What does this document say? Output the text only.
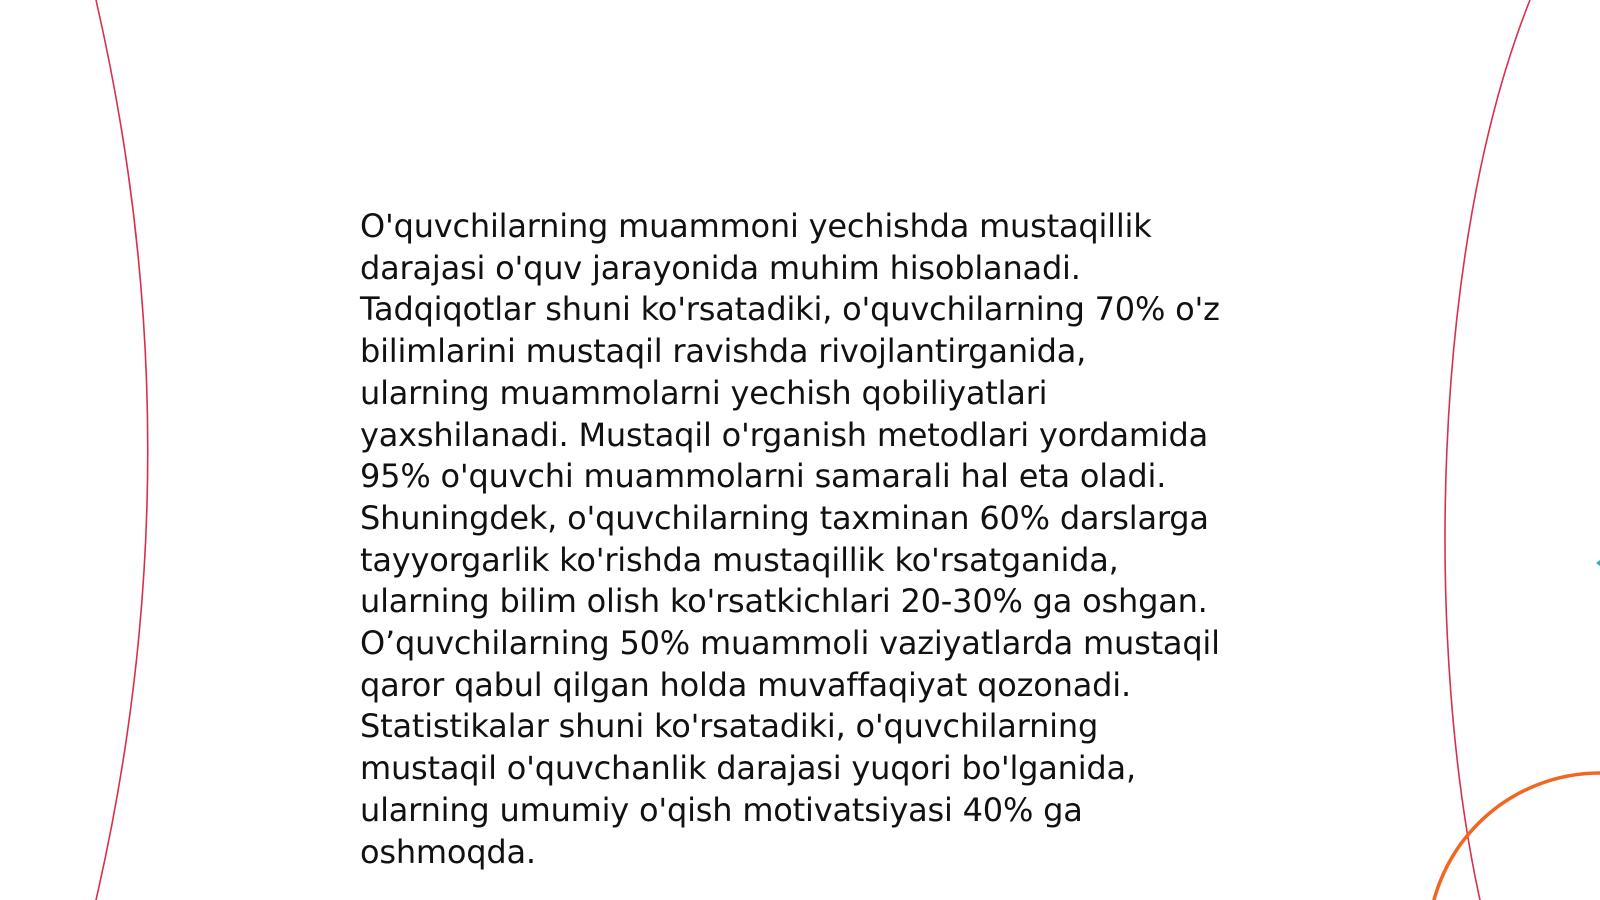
O'quvchilarning muammoni yechishda mustaqillik
darajasi o'quv jarayonida muhim hisoblanadi.
Tadqiqotlar shuni ko'rsatadiki, o'quvchilarning 70% o'z
bilimlarini mustaqil ravishda rivojlantirganida,
ularning muammolarni yechish qobiliyatlari
yaxshilanadi. Mustaqil o'rganish metodlari yordamida
95% o'quvchi muammolarni samarali hal eta oladi.
Shuningdek, o'quvchilarning taxminan 60% darslarga
tayyorgarlik ko'rishda mustaqillik ko'rsatganida,
ularning bilim olish ko'rsatkichlari 20-30% ga oshgan.
O’quvchilarning 50% muammoli vaziyatlarda mustaqil
qaror qabul qilgan holda muvaffaqiyat qozonadi.
Statistikalar shuni ko'rsatadiki, o'quvchilarning
mustaqil o'quvchanlik darajasi yuqori bo'lganida,
ularning umumiy o'qish motivatsiyasi 40% ga
oshmoqda.
